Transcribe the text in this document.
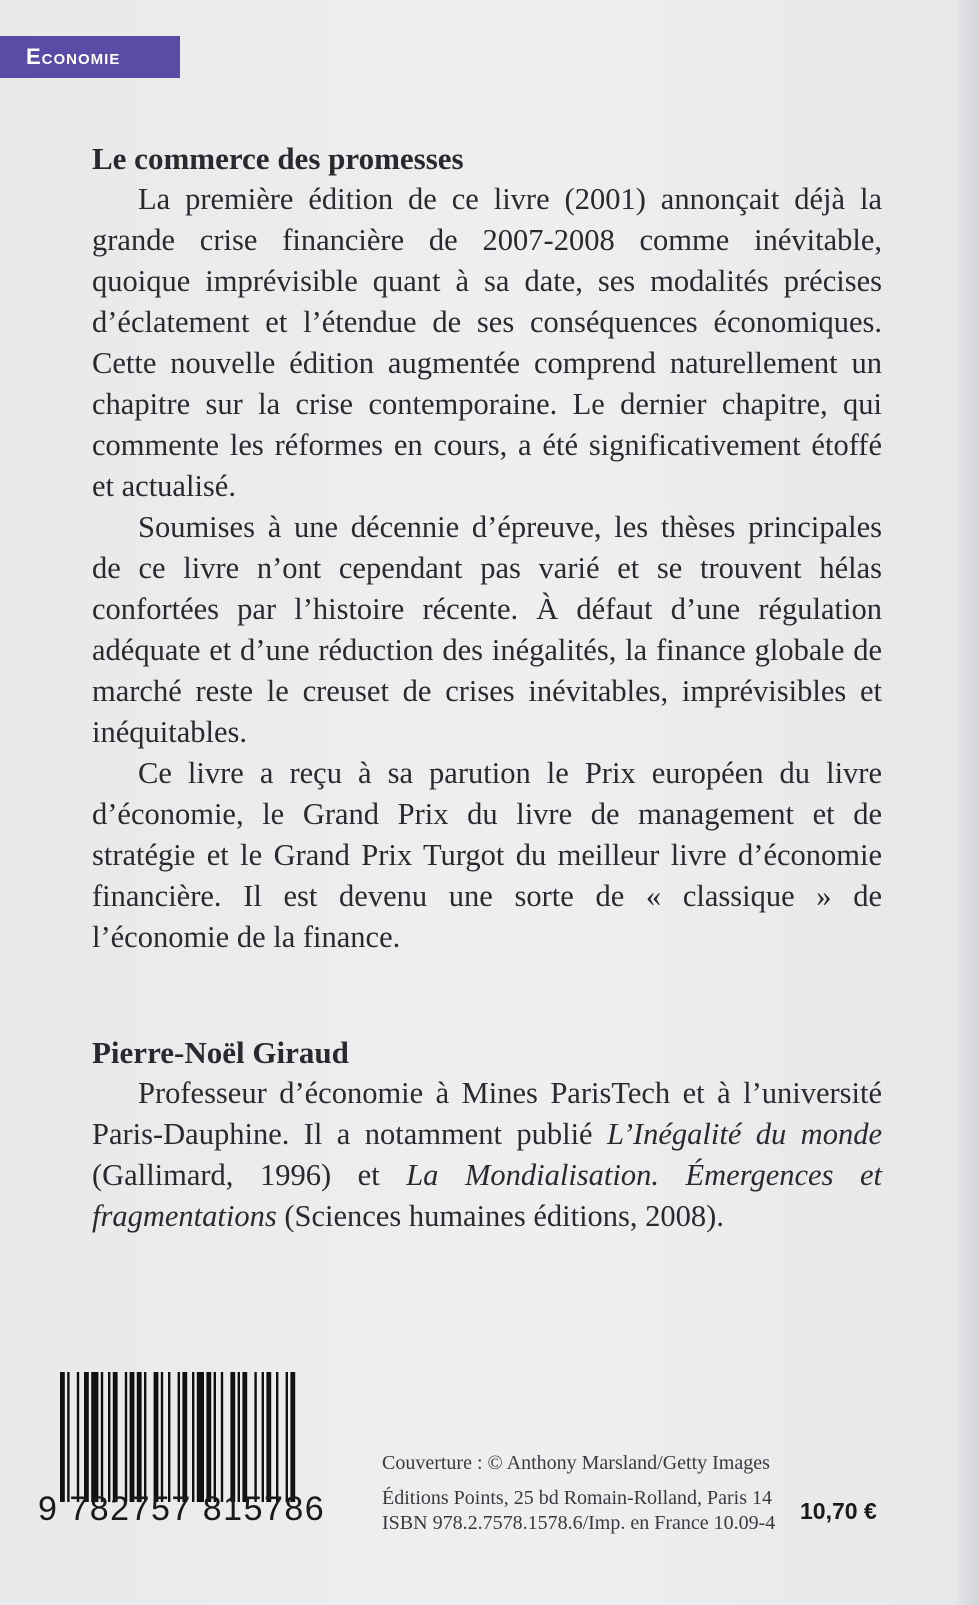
Economie
Le commerce des promesses

La première édition de ce livre (2001) annonçait déjà la grande crise financière de 2007-2008 comme inévitable, quoique imprévisible quant à sa date, ses modalités précises d’éclatement et l’étendue de ses conséquences économiques. Cette nouvelle édition augmentée comprend naturellement un chapitre sur la crise contemporaine. Le dernier chapitre, qui commente les réformes en cours, a été significativement étoffé et actualisé.

Soumises à une décennie d’épreuve, les thèses principales de ce livre n’ont cependant pas varié et se trouvent hélas confortées par l’histoire récente. À défaut d’une régulation adéquate et d’une réduction des inégalités, la finance globale de marché reste le creuset de crises inévitables, imprévisibles et inéquitables.

Ce livre a reçu à sa parution le Prix européen du livre d’économie, le Grand Prix du livre de management et de stratégie et le Grand Prix Turgot du meilleur livre d’économie financière. Il est devenu une sorte de « classique » de l’économie de la finance.

Pierre-Noël Giraud

Professeur d’économie à Mines ParisTech et à l’université Paris-Dauphine. Il a notamment publié L’Inégalité du monde (Gallimard, 1996) et La Mondialisation. Émergences et fragmentations (Sciences humaines éditions, 2008).

9 782757 815786
Couverture : © Anthony Marsland/Getty Images
Éditions Points, 25 bd Romain-Rolland, Paris 14
ISBN 978.2.7578.1578.6/Imp. en France 10.09-4 10,70 €
